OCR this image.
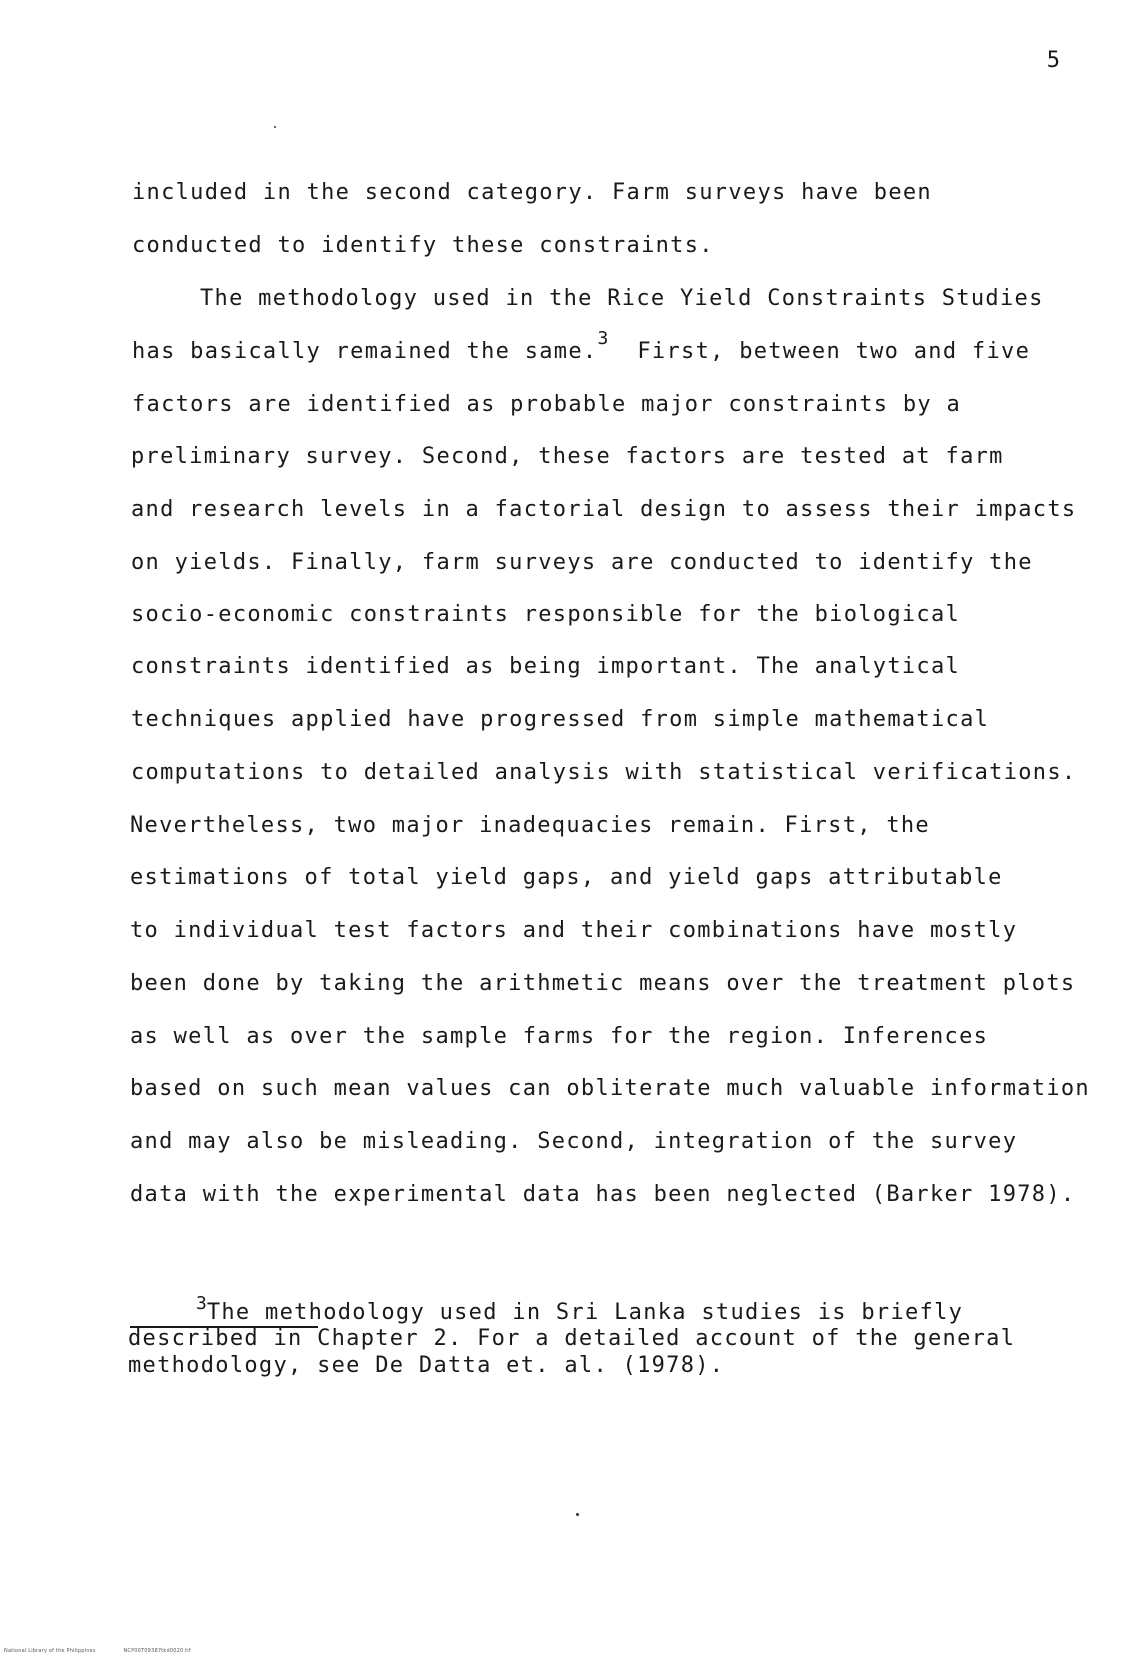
5
included in the second category. Farm surveys have been
conducted to identify these constraints.
The methodology used in the Rice Yield Constraints Studies
has basically remained the same.$^3$  First, between two and five
factors are identified as probable major constraints by a
preliminary survey. Second, these factors are tested at farm
and research levels in a factorial design to assess their impacts
on yields. Finally, farm surveys are conducted to identify the
socio-economic constraints responsible for the biological
constraints identified as being important. The analytical
techniques applied have progressed from simple mathematical
computations to detailed analysis with statistical verifications.
Nevertheless, two major inadequacies remain. First, the
estimations of total yield gaps, and yield gaps attributable
to individual test factors and their combinations have mostly
been done by taking the arithmetic means over the treatment plots
as well as over the sample farms for the region. Inferences
based on such mean values can obliterate much valuable information
and may also be misleading. Second, integration of the survey
data with the experimental data has been neglected (Barker 1978).
$^3$The methodology used in Sri Lanka studies is briefly
described in Chapter 2. For a detailed account of the general
methodology, see De Datta et. al. (1978).
National Library of the Philippines	NCP00T09387tkd0020.tif
